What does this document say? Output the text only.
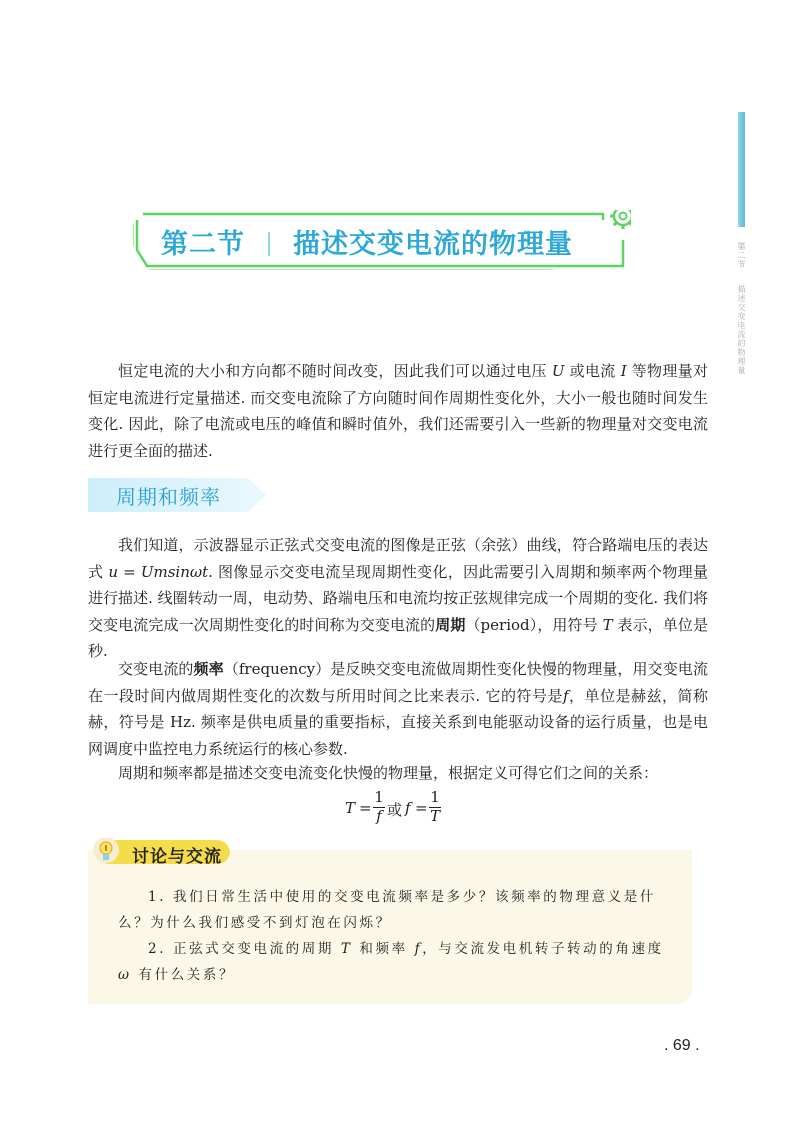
第二节
描述交变电流的物理量
第二节 描述交变电流的物理量

恒定电流的大小和方向都不随时间改变，因此我们可以通过电压 U 或电流 I 等物理量对恒定电流进行定量描述. 而交变电流除了方向随时间作周期性变化外，大小一般也随时间发生变化. 因此，除了电流或电压的峰值和瞬时值外，我们还需要引入一些新的物理量对交变电流进行更全面的描述.

周期和频率

我们知道，示波器显示正弦式交变电流的图像是正弦（余弦）曲线，符合路端电压的表达式 u = Umsinωt. 图像显示交变电流呈现周期性变化，因此需要引入周期和频率两个物理量进行描述. 线圈转动一周，电动势、路端电压和电流均按正弦规律完成一个周期的变化. 我们将交变电流完成一次周期性变化的时间称为交变电流的周期（period），用符号 T 表示，单位是秒.

交变电流的频率（frequency）是反映交变电流做周期性变化快慢的物理量，用交变电流在一段时间内做周期性变化的次数与所用时间之比来表示. 它的符号是f，单位是赫兹，简称赫，符号是 Hz. 频率是供电质量的重要指标，直接关系到电能驱动设备的运行质量，也是电网调度中监控电力系统运行的核心参数.

周期和频率都是描述交变电流变化快慢的物理量，根据定义可得它们之间的关系：

T =
1
f 或 f =
1
T
讨论与交流

1. 我们日常生活中使用的交变电流频率是多少？该频率的物理意义是什么？为什么我们感受不到灯泡在闪烁？

2. 正弦式交变电流的周期 T 和频率 f，与交流发电机转子转动的角速度 ω 有什么关系？

. 69 .
